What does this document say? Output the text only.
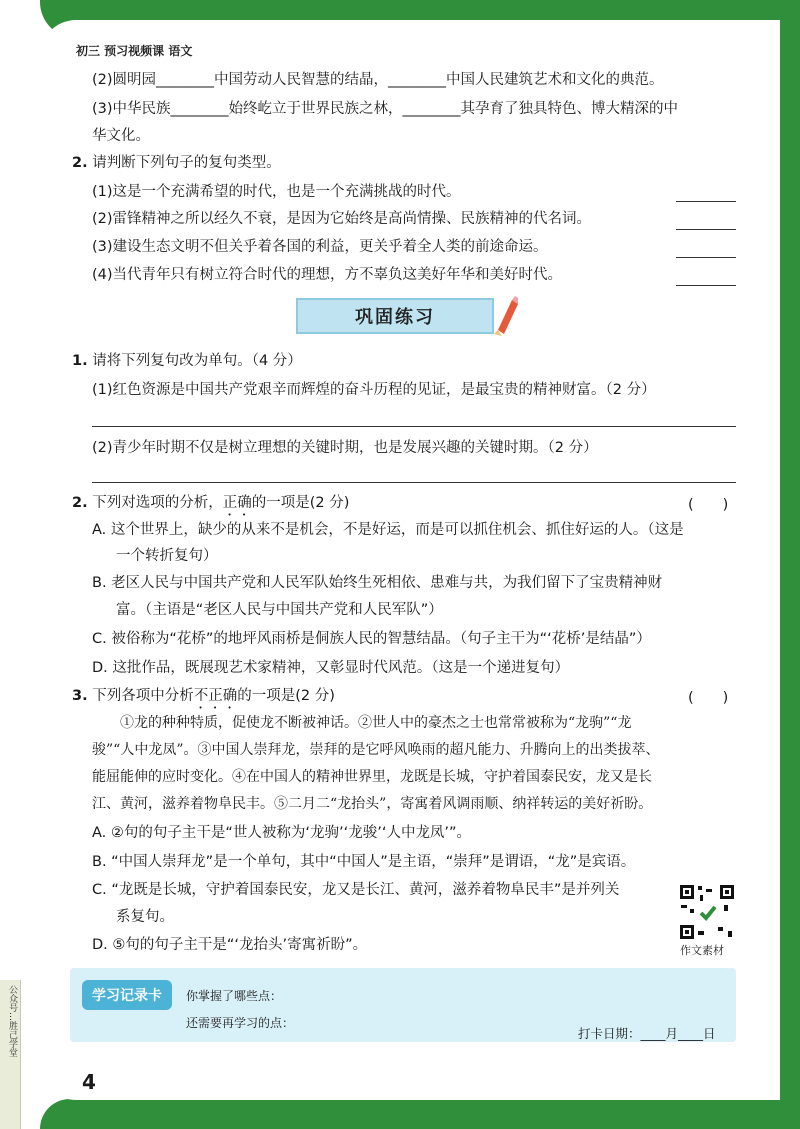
公众号…胜己学堂
初三 预习视频课 语文
(2)圆明园________中国劳动人民智慧的结晶，________中国人民建筑艺术和文化的典范。
(3)中华民族________始终屹立于世界民族之林，________其孕育了独具特色、博大精深的中
华文化。
2. 请判断下列句子的复句类型。
(1)这是一个充满希望的时代，也是一个充满挑战的时代。
(2)雷锋精神之所以经久不衰，是因为它始终是高尚情操、民族精神的代名词。
(3)建设生态文明不但关乎着各国的利益，更关乎着全人类的前途命运。
(4)当代青年只有树立符合时代的理想，方不辜负这美好年华和美好时代。
巩固练习
1. 请将下列复句改为单句。（4 分）
(1)红色资源是中国共产党艰辛而辉煌的奋斗历程的见证，是最宝贵的精神财富。（2 分）
(2)青少年时期不仅是树立理想的关键时期，也是发展兴趣的关键时期。（2 分）
2. 下列对选项的分析，正确的一项是(2 分)	(　　)
A. 这个世界上，缺少的从来不是机会，不是好运，而是可以抓住机会、抓住好运的人。（这是
一个转折复句）
B. 老区人民与中国共产党和人民军队始终生死相依、患难与共，为我们留下了宝贵精神财
富。（主语是“老区人民与中国共产党和人民军队”）
C. 被俗称为“花桥”的地坪风雨桥是侗族人民的智慧结晶。（句子主干为“‘花桥’是结晶”）
D. 这批作品，既展现艺术家精神，又彰显时代风范。（这是一个递进复句）
3. 下列各项中分析不正确的一项是(2 分)	(　　)
①龙的种种特质，促使龙不断被神话。②世人中的豪杰之士也常常被称为“龙驹”“龙
骏”“人中龙凤”。③中国人崇拜龙，崇拜的是它呼风唤雨的超凡能力、升腾向上的出类拔萃、
能屈能伸的应时变化。④在中国人的精神世界里，龙既是长城，守护着国泰民安，龙又是长
江、黄河，滋养着物阜民丰。⑤二月二“龙抬头”，寄寓着风调雨顺、纳祥转运的美好祈盼。
A. ②句的句子主干是“世人被称为‘龙驹’‘龙骏’‘人中龙凤’”。
B. “中国人崇拜龙”是一个单句，其中“中国人”是主语，“崇拜”是谓语，“龙”是宾语。
C. “龙既是长城，守护着国泰民安，龙又是长江、黄河，滋养着物阜民丰”是并列关
系复句。
D. ⑤句的句子主干是“‘龙抬头’寄寓祈盼”。	作文素材
学习记录卡	你掌握了哪些点：
还需要再学习的点：
打卡日期：____月____日
4
